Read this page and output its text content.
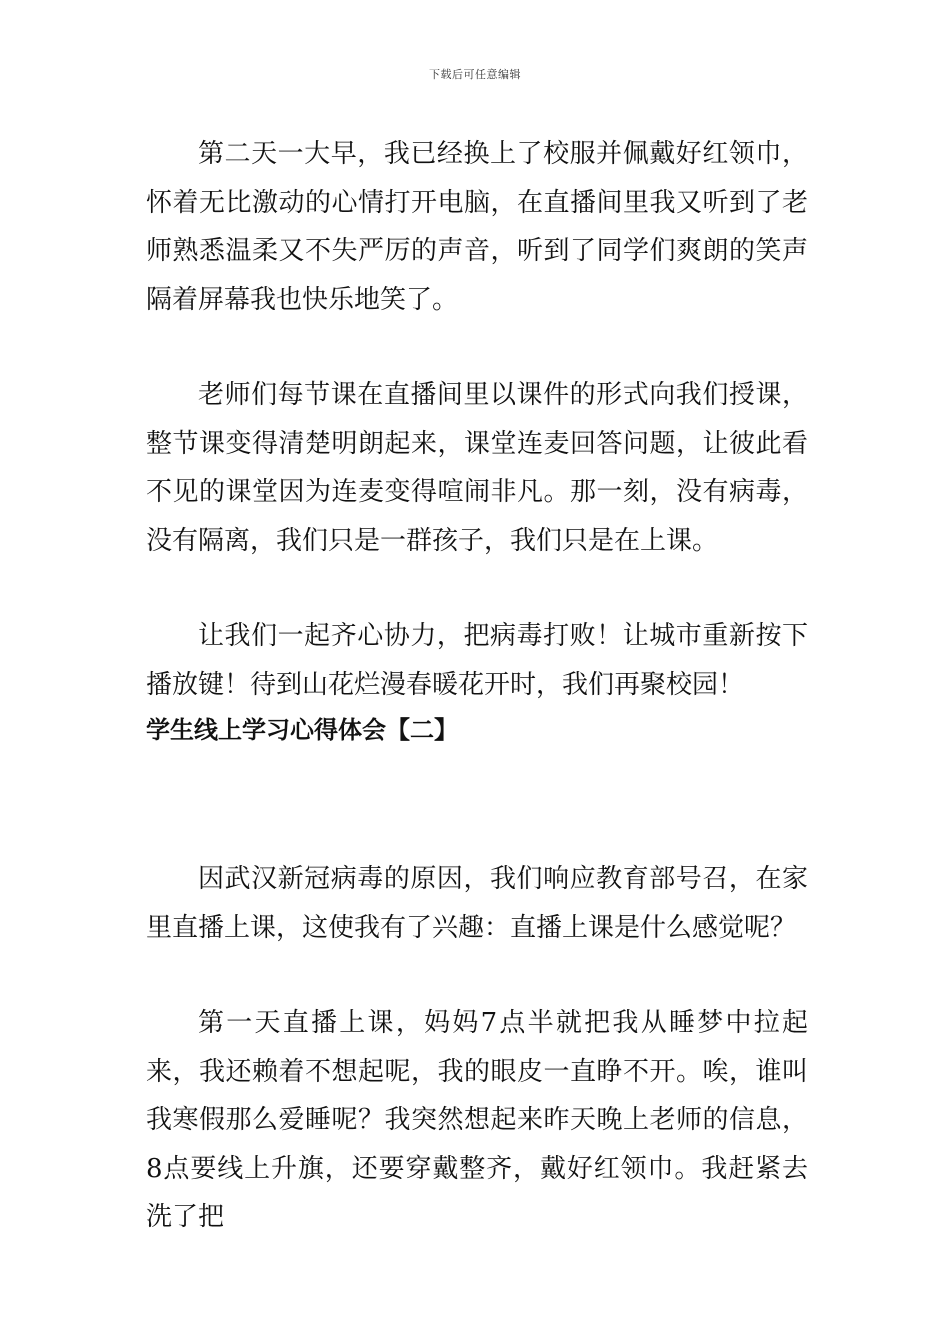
下载后可任意编辑

第二天一大早，我已经换上了校服并佩戴好红领巾，怀着无比激动的心情打开电脑，在直播间里我又听到了老师熟悉温柔又不失严厉的声音，听到了同学们爽朗的笑声隔着屏幕我也快乐地笑了。

老师们每节课在直播间里以课件的形式向我们授课，整节课变得清楚明朗起来，课堂连麦回答问题，让彼此看不见的课堂因为连麦变得喧闹非凡。那一刻，没有病毒，没有隔离，我们只是一群孩子，我们只是在上课。

让我们一起齐心协力，把病毒打败！让城市重新按下播放键！待到山花烂漫春暖花开时，我们再聚校园！

学生线上学习心得体会【二】

因武汉新冠病毒的原因，我们响应教育部号召，在家里直播上课，这使我有了兴趣：直播上课是什么感觉呢？

第一天直播上课，妈妈7点半就把我从睡梦中拉起来，我还赖着不想起呢，我的眼皮一直睁不开。唉，谁叫我寒假那么爱睡呢？我突然想起来昨天晚上老师的信息，8点要线上升旗，还要穿戴整齐，戴好红领巾。我赶紧去洗了把
